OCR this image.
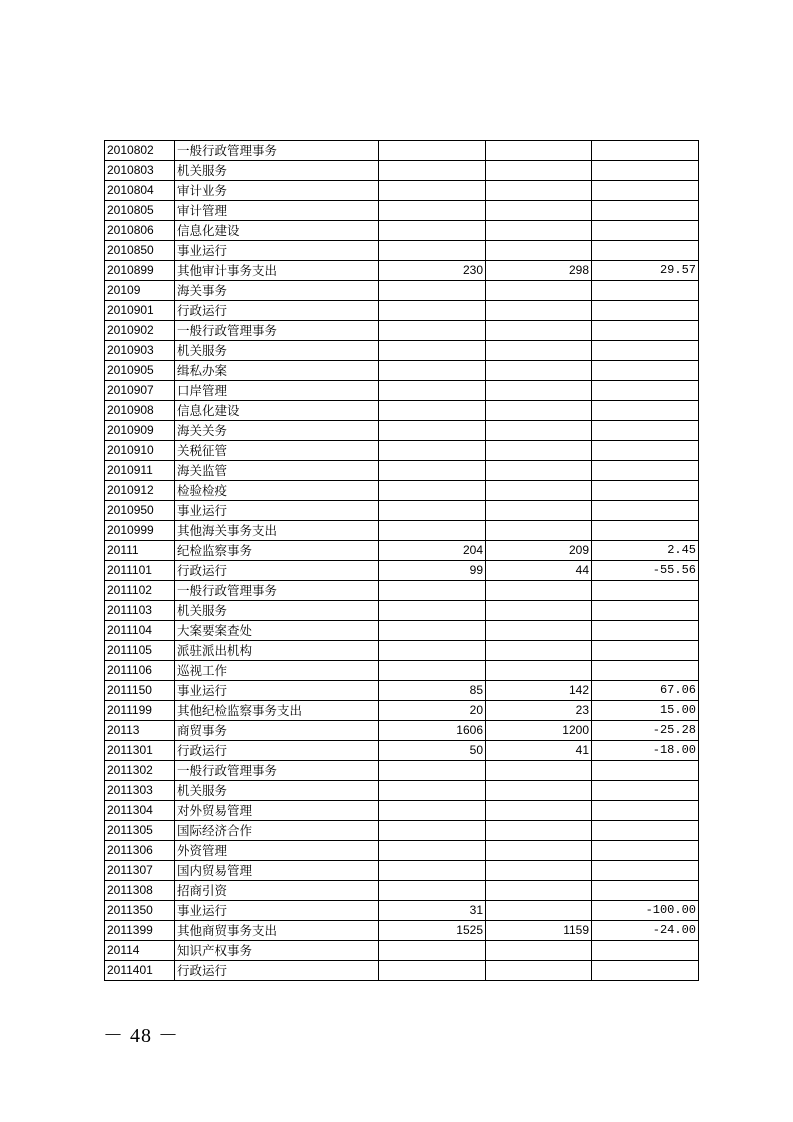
2010802	一般行政管理事务			
2010803	机关服务			
2010804	审计业务			
2010805	审计管理			
2010806	信息化建设			
2010850	事业运行			
2010899	其他审计事务支出	230	298	29.57
20109	海关事务			
2010901	行政运行			
2010902	一般行政管理事务			
2010903	机关服务			
2010905	缉私办案			
2010907	口岸管理			
2010908	信息化建设			
2010909	海关关务			
2010910	关税征管			
2010911	海关监管			
2010912	检验检疫			
2010950	事业运行			
2010999	其他海关事务支出			
20111	纪检监察事务	204	209	2.45
2011101	行政运行	99	44	-55.56
2011102	一般行政管理事务			
2011103	机关服务			
2011104	大案要案查处			
2011105	派驻派出机构			
2011106	巡视工作			
2011150	事业运行	85	142	67.06
2011199	其他纪检监察事务支出	20	23	15.00
20113	商贸事务	1606	1200	-25.28
2011301	行政运行	50	41	-18.00
2011302	一般行政管理事务			
2011303	机关服务			
2011304	对外贸易管理			
2011305	国际经济合作			
2011306	外资管理			
2011307	国内贸易管理			
2011308	招商引资			
2011350	事业运行	31		-100.00
2011399	其他商贸事务支出	1525	1159	-24.00
20114	知识产权事务			
2011401	行政运行			
－ 48 －
